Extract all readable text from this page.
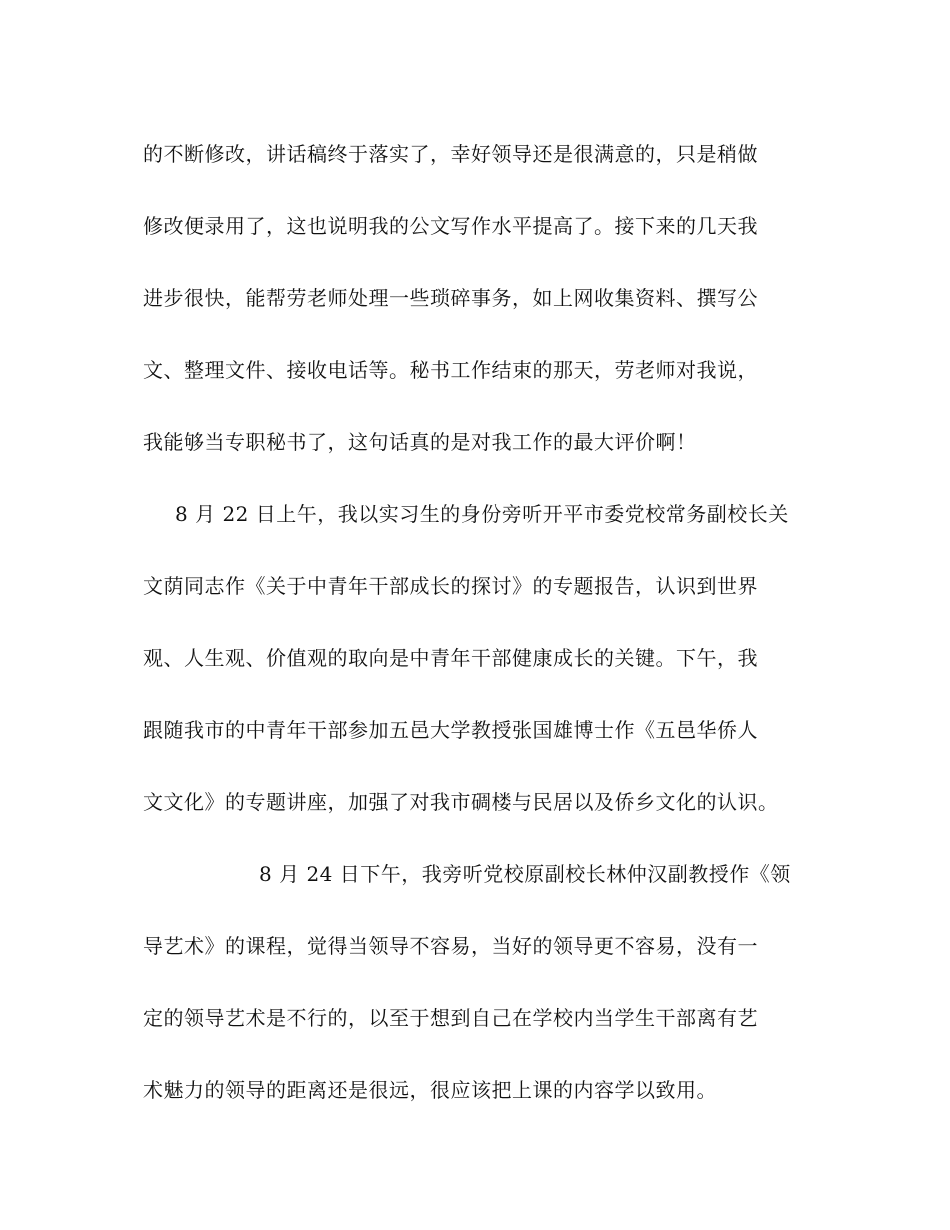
的不断修改，讲话稿终于落实了，幸好领导还是很满意的，只是稍做
修改便录用了，这也说明我的公文写作水平提高了。接下来的几天我
进步很快，能帮劳老师处理一些琐碎事务，如上网收集资料、撰写公
文、整理文件、接收电话等。秘书工作结束的那天，劳老师对我说，
我能够当专职秘书了，这句话真的是对我工作的最大评价啊！
8 月 22 日上午，我以实习生的身份旁听开平市委党校常务副校长关
文荫同志作《关于中青年干部成长的探讨》的专题报告，认识到世界
观、人生观、价值观的取向是中青年干部健康成长的关键。下午，我
跟随我市的中青年干部参加五邑大学教授张国雄博士作《五邑华侨人
文文化》的专题讲座，加强了对我市碉楼与民居以及侨乡文化的认识。
8 月 24 日下午，我旁听党校原副校长林仲汉副教授作《领
导艺术》的课程，觉得当领导不容易，当好的领导更不容易，没有一
定的领导艺术是不行的，以至于想到自己在学校内当学生干部离有艺
术魅力的领导的距离还是很远，很应该把上课的内容学以致用。
